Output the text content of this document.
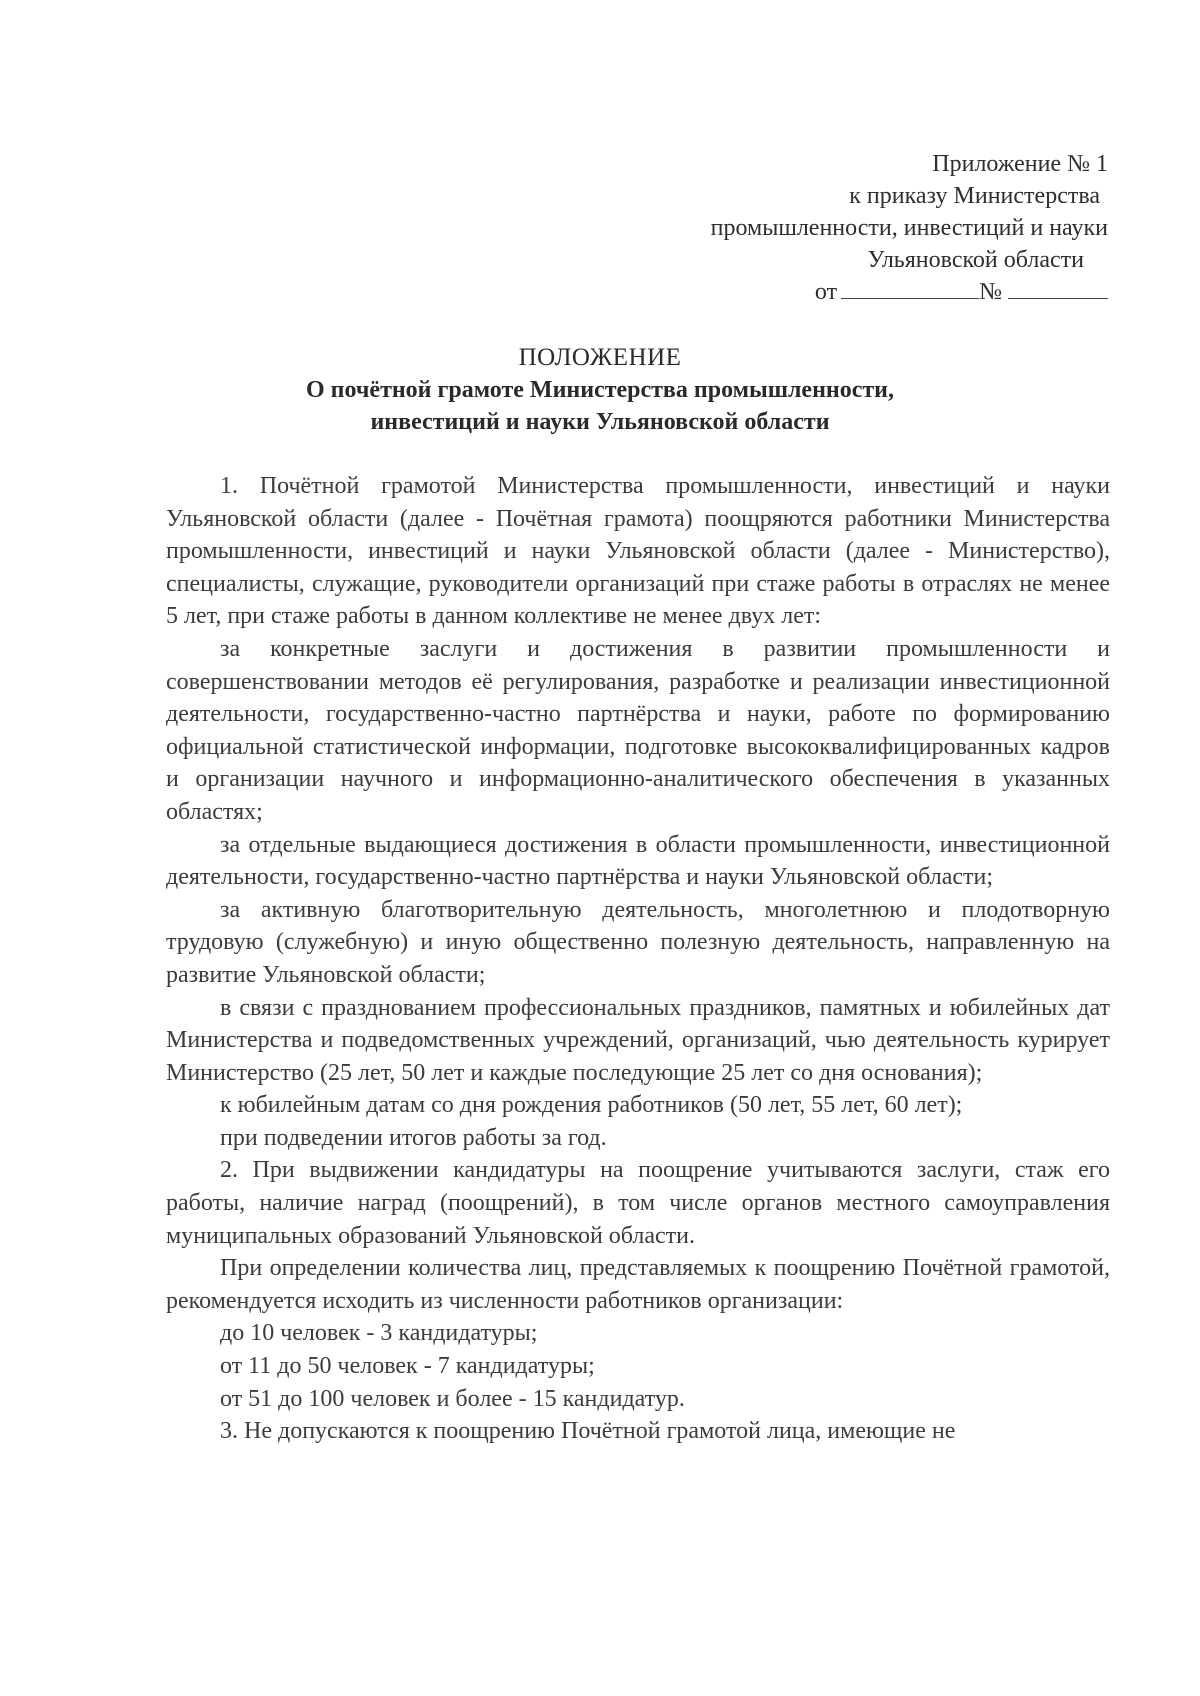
Приложение № 1
к приказу Министерства
промышленности, инвестиций и науки
Ульяновской области
от	№
ПОЛОЖЕНИЕ
О почётной грамоте Министерства промышленности,
инвестиций и науки Ульяновской области

1. Почётной грамотой Министерства промышленности, инвестиций и науки Ульяновской области (далее - Почётная грамота) поощряются работники Министерства промышленности, инвестиций и науки Ульяновской области (далее - Министерство), специалисты, служащие, руководители организаций при стаже работы в отраслях не менее 5 лет, при стаже работы в данном коллективе не менее двух лет:

за конкретные заслуги и достижения в развитии промышленности и совершенствовании методов её регулирования, разработке и реализации инвестиционной деятельности, государственно-частно партнёрства и науки, работе по формированию официальной статистической информации, подготовке высококвалифицированных кадров и организации научного и информационно-аналитического обеспечения в указанных областях;

за отдельные выдающиеся достижения в области промышленности, инвестиционной деятельности, государственно-частно партнёрства и науки Ульяновской области;

за активную благотворительную деятельность, многолетнюю и плодотворную трудовую (служебную) и иную общественно полезную деятельность, направленную на развитие Ульяновской области;

в связи с празднованием профессиональных праздников, памятных и юбилейных дат Министерства и подведомственных учреждений, организаций, чью деятельность курирует Министерство (25 лет, 50 лет и каждые последующие 25 лет со дня основания);

к юбилейным датам со дня рождения работников (50 лет, 55 лет, 60 лет);

при подведении итогов работы за год.

2. При выдвижении кандидатуры на поощрение учитываются заслуги, стаж его работы, наличие наград (поощрений), в том числе органов местного самоуправления муниципальных образований Ульяновской области.

При определении количества лиц, представляемых к поощрению Почётной грамотой, рекомендуется исходить из численности работников организации:

до 10 человек - 3 кандидатуры;

от 11 до 50 человек - 7 кандидатуры;

от 51 до 100 человек и более - 15 кандидатур.

3. Не допускаются к поощрению Почётной грамотой лица, имеющие не
